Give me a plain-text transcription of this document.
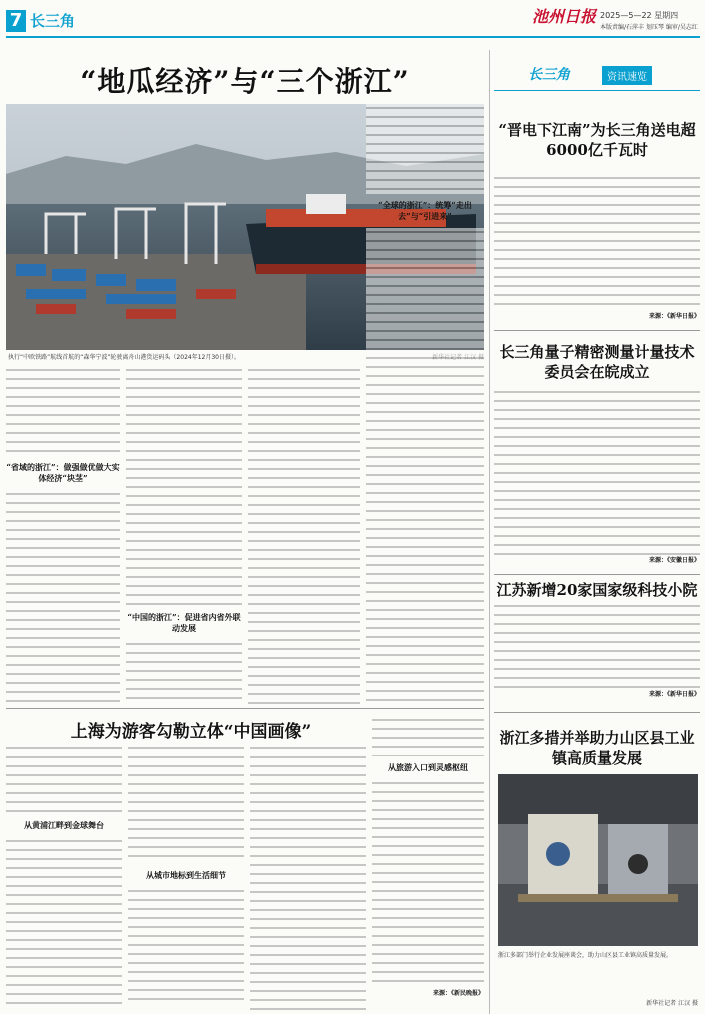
7 长三角	池州日报 2025—5—22 星期四
本版责编/石萍丰 划压琴 编审/吴志红
“地瓜经济”与“三个浙江”
执行“中欧铁路”航线首航的“森华宁波”轮驶离舟山港货运码头（2024年12月30日摄）。
“省域的浙江”：做强做优做大实体经济“块茎”
“中国的浙江”：促进省内省外联动发展
“全球的浙江”：统筹“走出去”与“引进来”
上海为游客勾勒立体“中国画像”
从黄浦江畔到金球舞台
从城市地标到生活细节
从旅游入口到灵感枢纽
来源：《新民晚报》
长三角	资讯速览
“晋电下江南”为长三角送电超6000亿千瓦时
来源：《新华日报》
长三角量子精密测量计量技术委员会在皖成立
来源：《安徽日报》
江苏新增20家国家级科技小院
来源：《新华日报》
浙江多措并举助力山区县工业镇高质量发展
浙江多部门举行企业发展座谈会，助力山区县工业镇高质量发展。
新华社记者 江汉 摄
